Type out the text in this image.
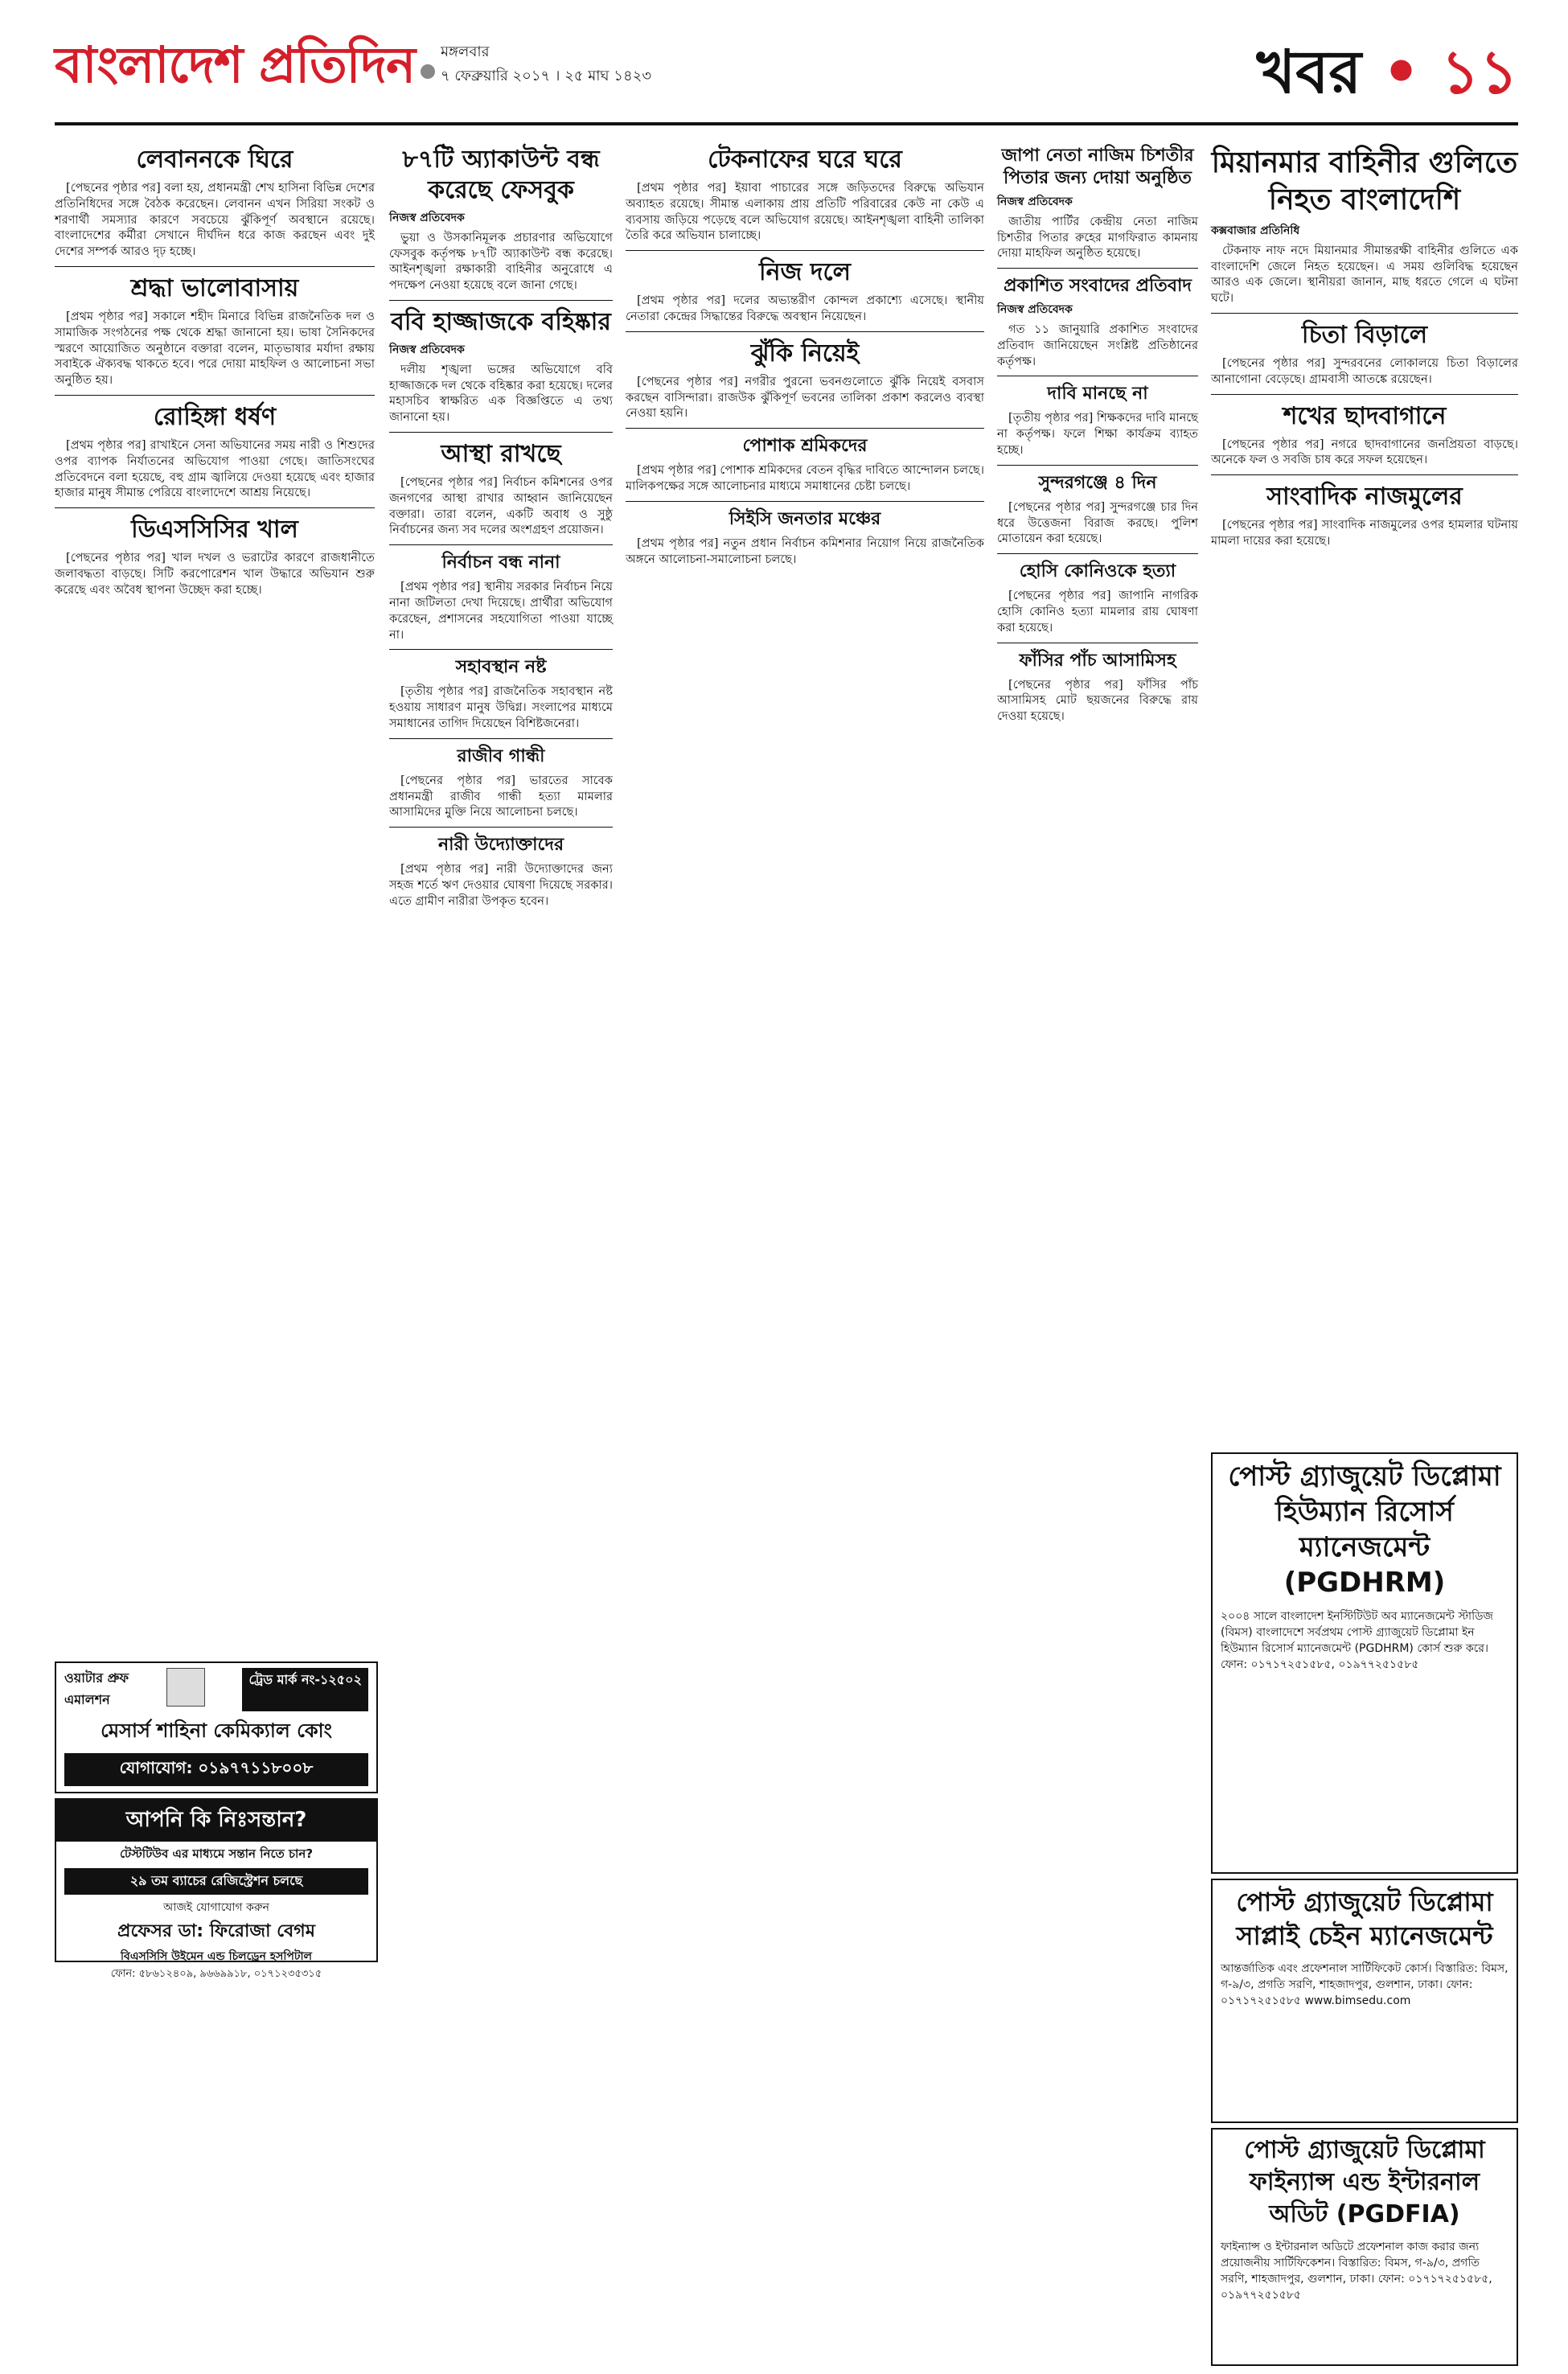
বাংলাদেশ প্রতিদিন মঙ্গলবার
৭ ফেব্রুয়ারি ২০১৭ । ২৫ মাঘ ১৪২৩	খবর • ১১
লেবাননকে ঘিরে

[পেছনের পৃষ্ঠার পর] বলা হয়, প্রধানমন্ত্রী শেখ হাসিনা বিভিন্ন দেশের প্রতিনিধিদের সঙ্গে বৈঠক করেছেন। লেবানন এখন সিরিয়া সংকট ও শরণার্থী সমস্যার কারণে সবচেয়ে ঝুঁকিপূর্ণ অবস্থানে রয়েছে। বাংলাদেশের কর্মীরা সেখানে দীর্ঘদিন ধরে কাজ করছেন এবং দুই দেশের সম্পর্ক আরও দৃঢ় হচ্ছে।

শ্রদ্ধা ভালোবাসায়

[প্রথম পৃষ্ঠার পর] সকালে শহীদ মিনারে বিভিন্ন রাজনৈতিক দল ও সামাজিক সংগঠনের পক্ষ থেকে শ্রদ্ধা জানানো হয়। ভাষা সৈনিকদের স্মরণে আয়োজিত অনুষ্ঠানে বক্তারা বলেন, মাতৃভাষার মর্যাদা রক্ষায় সবাইকে ঐক্যবদ্ধ থাকতে হবে। পরে দোয়া মাহফিল ও আলোচনা সভা অনুষ্ঠিত হয়।

রোহিঙ্গা ধর্ষণ

[প্রথম পৃষ্ঠার পর] রাখাইনে সেনা অভিযানের সময় নারী ও শিশুদের ওপর ব্যাপক নির্যাতনের অভিযোগ পাওয়া গেছে। জাতিসংঘের প্রতিবেদনে বলা হয়েছে, বহু গ্রাম জ্বালিয়ে দেওয়া হয়েছে এবং হাজার হাজার মানুষ সীমান্ত পেরিয়ে বাংলাদেশে আশ্রয় নিয়েছে।

ডিএসসিসির খাল

[পেছনের পৃষ্ঠার পর] খাল দখল ও ভরাটের কারণে রাজধানীতে জলাবদ্ধতা বাড়ছে। সিটি করপোরেশন খাল উদ্ধারে অভিযান শুরু করেছে এবং অবৈধ স্থাপনা উচ্ছেদ করা হচ্ছে।

৮৭টি অ্যাকাউন্ট বন্ধ করেছে ফেসবুক
নিজস্ব প্রতিবেদক

ভুয়া ও উসকানিমূলক প্রচারণার অভিযোগে ফেসবুক কর্তৃপক্ষ ৮৭টি অ্যাকাউন্ট বন্ধ করেছে। আইনশৃঙ্খলা রক্ষাকারী বাহিনীর অনুরোধে এ পদক্ষেপ নেওয়া হয়েছে বলে জানা গেছে।

ববি হাজ্জাজকে বহিষ্কার
নিজস্ব প্রতিবেদক

দলীয় শৃঙ্খলা ভঙ্গের অভিযোগে ববি হাজ্জাজকে দল থেকে বহিষ্কার করা হয়েছে। দলের মহাসচিব স্বাক্ষরিত এক বিজ্ঞপ্তিতে এ তথ্য জানানো হয়।

আস্থা রাখছে

[পেছনের পৃষ্ঠার পর] নির্বাচন কমিশনের ওপর জনগণের আস্থা রাখার আহ্বান জানিয়েছেন বক্তারা। তারা বলেন, একটি অবাধ ও সুষ্ঠু নির্বাচনের জন্য সব দলের অংশগ্রহণ প্রয়োজন।

নির্বাচন বন্ধ নানা

[প্রথম পৃষ্ঠার পর] স্থানীয় সরকার নির্বাচন নিয়ে নানা জটিলতা দেখা দিয়েছে। প্রার্থীরা অভিযোগ করেছেন, প্রশাসনের সহযোগিতা পাওয়া যাচ্ছে না।

সহাবস্থান নষ্ট

[তৃতীয় পৃষ্ঠার পর] রাজনৈতিক সহাবস্থান নষ্ট হওয়ায় সাধারণ মানুষ উদ্বিগ্ন। সংলাপের মাধ্যমে সমাধানের তাগিদ দিয়েছেন বিশিষ্টজনেরা।

রাজীব গান্ধী

[পেছনের পৃষ্ঠার পর] ভারতের সাবেক প্রধানমন্ত্রী রাজীব গান্ধী হত্যা মামলার আসামিদের মুক্তি নিয়ে আলোচনা চলছে।

নারী উদ্যোক্তাদের

[প্রথম পৃষ্ঠার পর] নারী উদ্যোক্তাদের জন্য সহজ শর্তে ঋণ দেওয়ার ঘোষণা দিয়েছে সরকার। এতে গ্রামীণ নারীরা উপকৃত হবেন।

টেকনাফের ঘরে ঘরে

[প্রথম পৃষ্ঠার পর] ইয়াবা পাচারের সঙ্গে জড়িতদের বিরুদ্ধে অভিযান অব্যাহত রয়েছে। সীমান্ত এলাকায় প্রায় প্রতিটি পরিবারের কেউ না কেউ এ ব্যবসায় জড়িয়ে পড়েছে বলে অভিযোগ রয়েছে। আইনশৃঙ্খলা বাহিনী তালিকা তৈরি করে অভিযান চালাচ্ছে।

নিজ দলে

[প্রথম পৃষ্ঠার পর] দলের অভ্যন্তরীণ কোন্দল প্রকাশ্যে এসেছে। স্থানীয় নেতারা কেন্দ্রের সিদ্ধান্তের বিরুদ্ধে অবস্থান নিয়েছেন।

ঝুঁকি নিয়েই

[পেছনের পৃষ্ঠার পর] নগরীর পুরনো ভবনগুলোতে ঝুঁকি নিয়েই বসবাস করছেন বাসিন্দারা। রাজউক ঝুঁকিপূর্ণ ভবনের তালিকা প্রকাশ করলেও ব্যবস্থা নেওয়া হয়নি।

পোশাক শ্রমিকদের

[প্রথম পৃষ্ঠার পর] পোশাক শ্রমিকদের বেতন বৃদ্ধির দাবিতে আন্দোলন চলছে। মালিকপক্ষের সঙ্গে আলোচনার মাধ্যমে সমাধানের চেষ্টা চলছে।

সিইসি জনতার মঞ্চের

[প্রথম পৃষ্ঠার পর] নতুন প্রধান নির্বাচন কমিশনার নিয়োগ নিয়ে রাজনৈতিক অঙ্গনে আলোচনা-সমালোচনা চলছে।

জাপা নেতা নাজিম চিশতীর পিতার জন্য দোয়া অনুষ্ঠিত
নিজস্ব প্রতিবেদক

জাতীয় পার্টির কেন্দ্রীয় নেতা নাজিম চিশতীর পিতার রুহের মাগফিরাত কামনায় দোয়া মাহফিল অনুষ্ঠিত হয়েছে।

প্রকাশিত সংবাদের প্রতিবাদ
নিজস্ব প্রতিবেদক

গত ১১ জানুয়ারি প্রকাশিত সংবাদের প্রতিবাদ জানিয়েছেন সংশ্লিষ্ট প্রতিষ্ঠানের কর্তৃপক্ষ।

দাবি মানছে না

[তৃতীয় পৃষ্ঠার পর] শিক্ষকদের দাবি মানছে না কর্তৃপক্ষ। ফলে শিক্ষা কার্যক্রম ব্যাহত হচ্ছে।

সুন্দরগঞ্জে ৪ দিন

[পেছনের পৃষ্ঠার পর] সুন্দরগঞ্জে চার দিন ধরে উত্তেজনা বিরাজ করছে। পুলিশ মোতায়েন করা হয়েছে।

হোসি কোনিওকে হত্যা

[পেছনের পৃষ্ঠার পর] জাপানি নাগরিক হোসি কোনিও হত্যা মামলার রায় ঘোষণা করা হয়েছে।

ফাঁসির পাঁচ আসামিসহ

[পেছনের পৃষ্ঠার পর] ফাঁসির পাঁচ আসামিসহ মোট ছয়জনের বিরুদ্ধে রায় দেওয়া হয়েছে।

মিয়ানমার বাহিনীর গুলিতে নিহত বাংলাদেশি
কক্সবাজার প্রতিনিধি

টেকনাফ নাফ নদে মিয়ানমার সীমান্তরক্ষী বাহিনীর গুলিতে এক বাংলাদেশি জেলে নিহত হয়েছেন। এ সময় গুলিবিদ্ধ হয়েছেন আরও এক জেলে। স্থানীয়রা জানান, মাছ ধরতে গেলে এ ঘটনা ঘটে।

চিতা বিড়ালে

[পেছনের পৃষ্ঠার পর] সুন্দরবনের লোকালয়ে চিতা বিড়ালের আনাগোনা বেড়েছে। গ্রামবাসী আতঙ্কে রয়েছেন।

শখের ছাদবাগানে

[পেছনের পৃষ্ঠার পর] নগরে ছাদবাগানের জনপ্রিয়তা বাড়ছে। অনেকে ফল ও সবজি চাষ করে সফল হয়েছেন।

সাংবাদিক নাজমুলের

[পেছনের পৃষ্ঠার পর] সাংবাদিক নাজমুলের ওপর হামলার ঘটনায় মামলা দায়ের করা হয়েছে।

পোস্ট গ্র্যাজুয়েট ডিপ্লোমা হিউম্যান রিসোর্স ম্যানেজমেন্ট (PGDHRM)
২০০৪ সালে বাংলাদেশ ইনস্টিটিউট অব ম্যানেজমেন্ট স্টাডিজ (বিমস) বাংলাদেশে সর্বপ্রথম পোস্ট গ্র্যাজুয়েট ডিপ্লোমা ইন হিউম্যান রিসোর্স ম্যানেজমেন্ট (PGDHRM) কোর্স শুরু করে। ফোন: ০১৭১৭২৫১৫৮৫, ০১৯৭৭২৫১৫৮৫
পোস্ট গ্র্যাজুয়েট ডিপ্লোমা সাপ্লাই চেইন ম্যানেজমেন্ট
আন্তর্জাতিক এবং প্রফেশনাল সার্টিফিকেট কোর্স। বিস্তারিত: বিমস, গ-৯/৩, প্রগতি সরণি, শাহজাদপুর, গুলশান, ঢাকা। ফোন: ০১৭১৭২৫১৫৮৫ www.bimsedu.com
পোস্ট গ্র্যাজুয়েট ডিপ্লোমা ফাইন্যান্স এন্ড ইন্টারনাল অডিট (PGDFIA)
ফাইন্যান্স ও ইন্টারনাল অডিটে প্রফেশনাল কাজ করার জন্য প্রয়োজনীয় সার্টিফিকেশন। বিস্তারিত: বিমস, গ-৯/৩, প্রগতি সরণি, শাহজাদপুর, গুলশান, ঢাকা। ফোন: ০১৭১৭২৫১৫৮৫, ০১৯৭৭২৫১৫৮৫
ওয়াটার প্রুফ
এমালশন
ট্রেড মার্ক নং-১২৫০২
মেসার্স শাহিনা কেমিক্যাল কোং
যোগাযোগ: ০১৯৭৭১১৮০০৮
আপনি কি নিঃসন্তান?
টেস্টটিউব এর মাধ্যমে সন্তান নিতে চান?
২৯ তম ব্যাচের রেজিস্ট্রেশন চলছে
আজই যোগাযোগ করুন
প্রফেসর ডা: ফিরোজা বেগম
বিএসসিসি উইমেন এন্ড চিলড্রেন হসপিটাল
ফোন: ৫৮৬১২৪০৯, ৯৬৬৯৯১৮, ০১৭১২৩৫৩১৫
